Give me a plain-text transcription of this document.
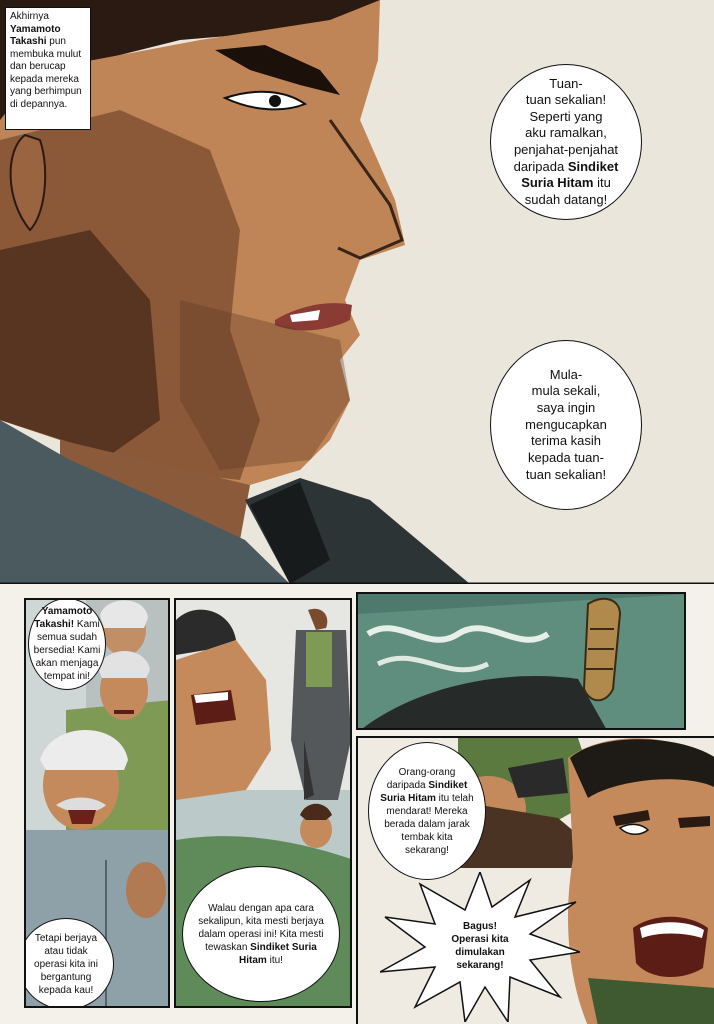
Akhirnya Yamamoto Takashi pun membuka mulut dan berucap kepada mereka yang berhimpun di depannya.
Tuan-
tuan sekalian!
Seperti yang
aku ramalkan,
penjahat-penjahat
daripada Sindiket
Suria Hitam itu
sudah datang!
Mula-
mula sekali,
saya ingin
mengucapkan
terima kasih
kepada tuan-
tuan sekalian!
Yamamoto Takashi! Kami semua sudah bersedia! Kami akan menjaga tempat ini!
Tetapi berjaya atau tidak operasi kita ini bergantung kepada kau!
Walau dengan apa cara sekalipun, kita mesti berjaya dalam operasi ini! Kita mesti tewaskan Sindiket Suria Hitam itu!
Orang-orang daripada Sindiket Suria Hitam itu telah mendarat! Mereka berada dalam jarak tembak kita sekarang!
Bagus! Operasi kita dimulakan sekarang!
